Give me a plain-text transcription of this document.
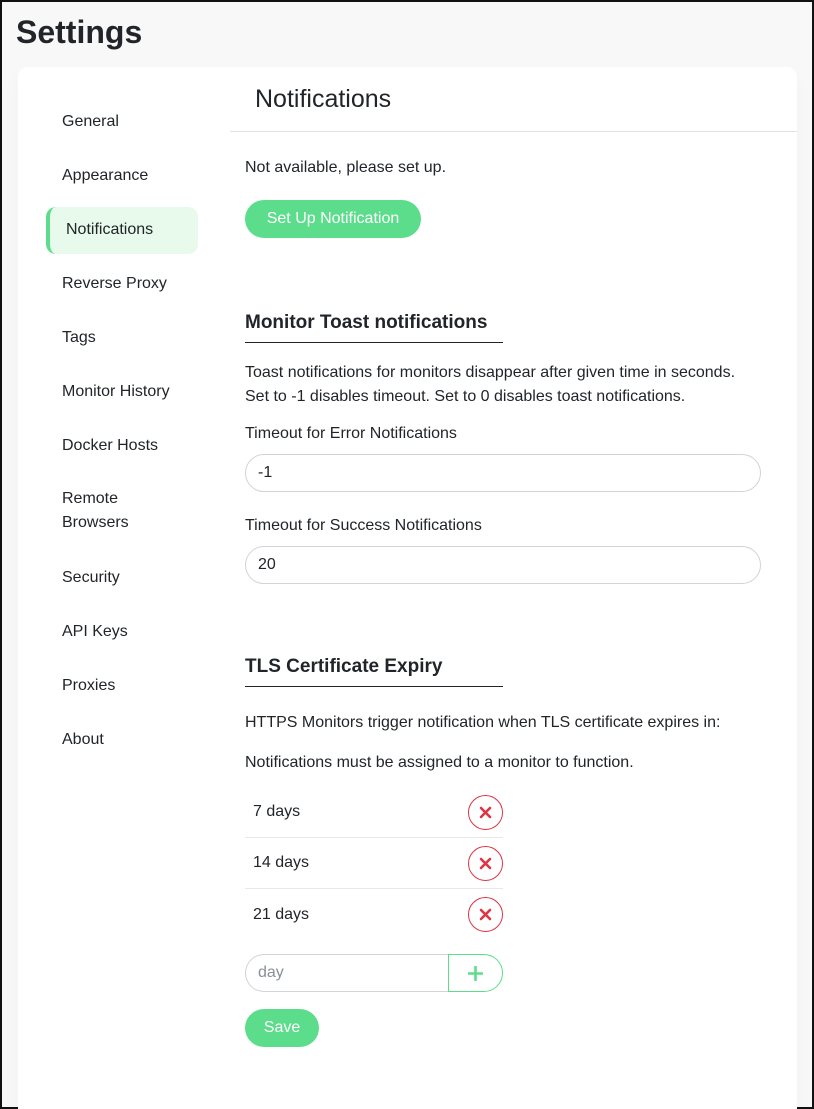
Settings
General
Appearance
Notifications
Reverse Proxy
Tags
Monitor History
Docker Hosts
Remote Browsers
Security
API Keys
Proxies
About
Notifications

Not available, please set up.

Set Up Notification
Monitor Toast notifications

Toast notifications for monitors disappear after given time in seconds. Set to -1 disables timeout. Set to 0 disables toast notifications.

Timeout for Error Notifications
-1
Timeout for Success Notifications
20
TLS Certificate Expiry

HTTPS Monitors trigger notification when TLS certificate expires in:

Notifications must be assigned to a monitor to function.

7 days
14 days
21 days
day
Save
